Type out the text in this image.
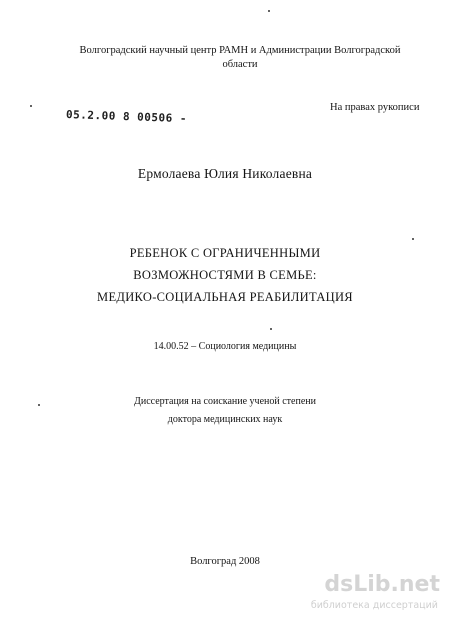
Волгоградский научный центр РАМН и Администрации Волгоградской
области
На правах рукописи
05.2.00 8 00506 -
Ермолаева Юлия Николаевна
РЕБЕНОК С ОГРАНИЧЕННЫМИ
ВОЗМОЖНОСТЯМИ В СЕМЬЕ:
МЕДИКО-СОЦИАЛЬНАЯ РЕАБИЛИТАЦИЯ
14.00.52 – Социология медицины
Диссертация на соискание ученой степени
доктора медицинских наук
Волгоград 2008
dsLib.net
библиотека диссертаций
